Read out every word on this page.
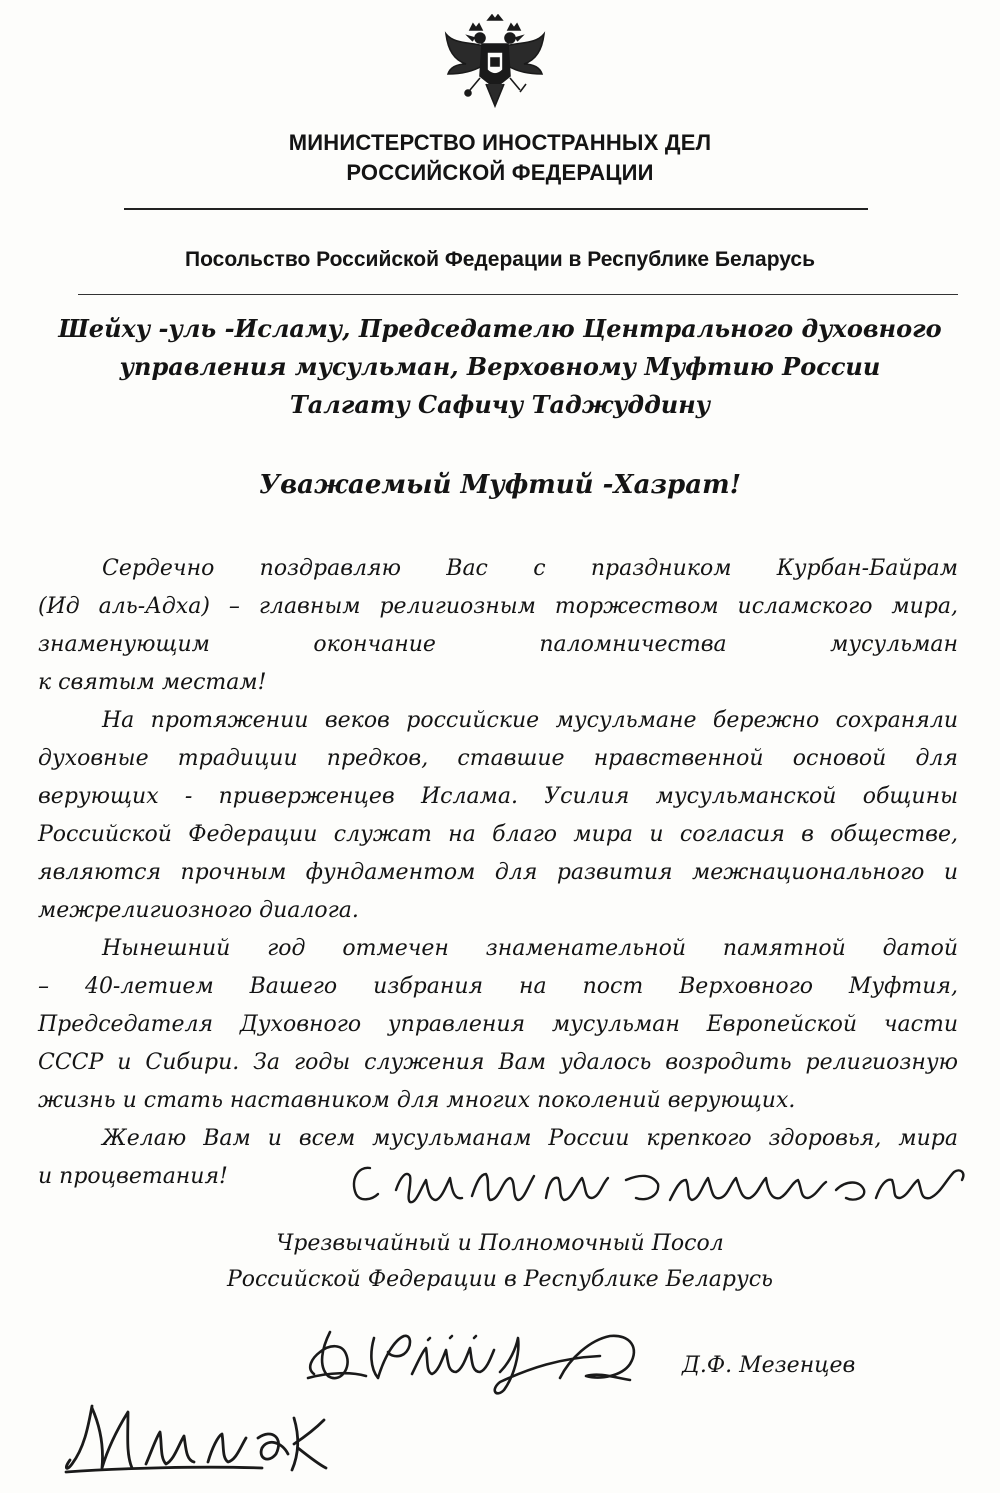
МИНИСТЕРСТВО ИНОСТРАННЫХ ДЕЛ
РОССИЙСКОЙ ФЕДЕРАЦИИ
Посольство Российской Федерации в Республике Беларусь
Шейху -уль -Исламу, Председателю Центрального духовного
управления мусульман, Верховному Муфтию России
Талгату Сафичу Таджуддину
Уважаемый Муфтий -Хазрат!
Сердечно поздравляю Вас с праздником Курбан-Байрам
(Ид аль-Адха) – главным религиозным торжеством исламского мира,
знаменующим окончание паломничества мусульман
к святым местам!
На протяжении веков российские мусульмане бережно сохраняли
духовные традиции предков, ставшие нравственной основой для
верующих - приверженцев Ислама. Усилия мусульманской общины
Российской Федерации служат на благо мира и согласия в обществе,
являются прочным фундаментом для развития межнационального и
межрелигиозного диалога.
Нынешний год отмечен знаменательной памятной датой
– 40-летием Вашего избрания на пост Верховного Муфтия,
Председателя Духовного управления мусульман Европейской части
СССР и Сибири. За годы служения Вам удалось возродить религиозную
жизнь и стать наставником для многих поколений верующих.
Желаю Вам и всем мусульманам России крепкого здоровья, мира
и процветания!
Чрезвычайный и Полномочный Посол
Российской Федерации в Республике Беларусь
Д.Ф. Мезенцев
